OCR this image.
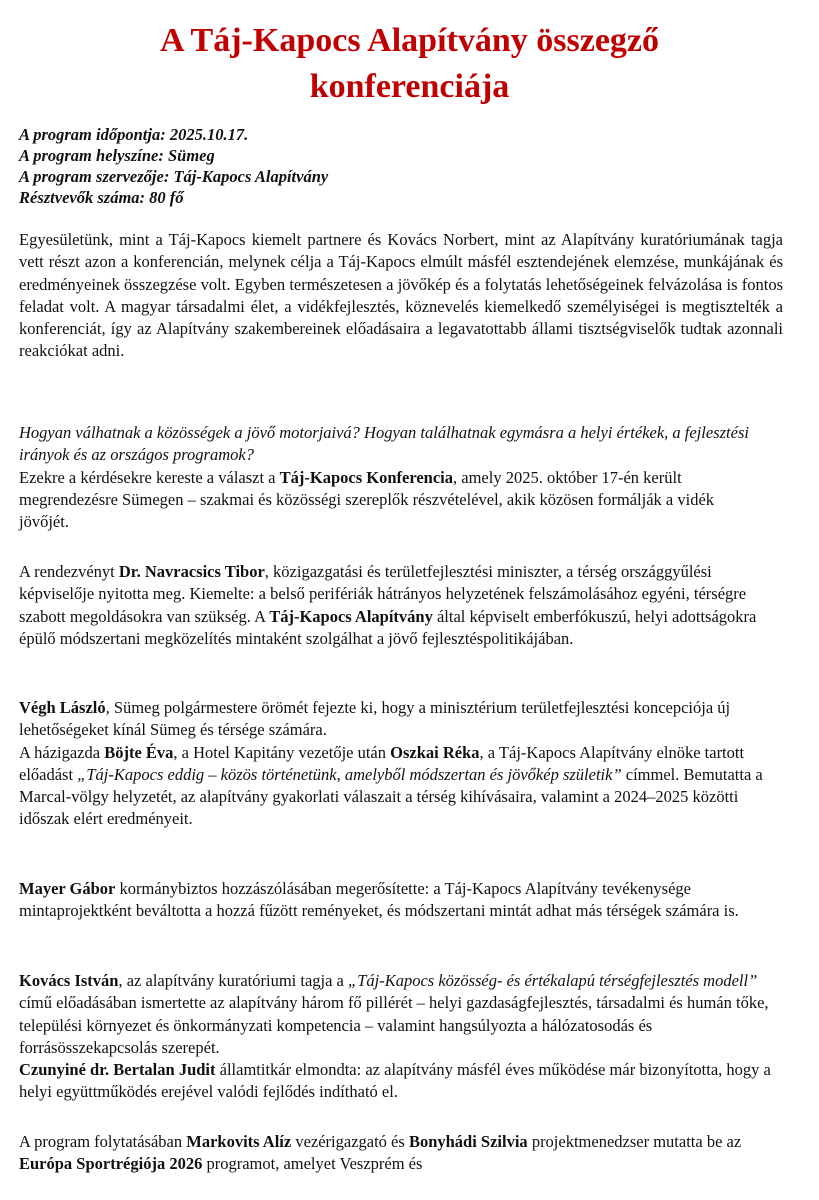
A Táj-Kapocs Alapítvány összegző
konferenciája
A program időpontja: 2025.10.17.
A program helyszíne: Sümeg
A program szervezője: Táj-Kapocs Alapítvány
Résztvevők száma: 80 fő
Egyesületünk, mint a Táj-Kapocs kiemelt partnere és Kovács Norbert, mint az Alapítvány kuratóriumának tagja vett részt azon a konferencián, melynek célja a Táj-Kapocs elmúlt másfél esztendejének elemzése, munkájának és eredményeinek összegzése volt. Egyben természetesen a jövőkép és a folytatás lehetőségeinek felvázolása is fontos feladat volt. A magyar társadalmi élet, a vidékfejlesztés, köznevelés kiemelkedő személyiségei is megtisztelték a konferenciát, így az Alapítvány szakembereinek előadásaira a legavatottabb állami tisztségviselők tudtak azonnali reakciókat adni.
Hogyan válhatnak a közösségek a jövő motorjaivá? Hogyan találhatnak egymásra a helyi értékek, a fejlesztési irányok és az országos programok?
Ezekre a kérdésekre kereste a választ a Táj-Kapocs Konferencia, amely 2025. október 17-én került megrendezésre Sümegen – szakmai és közösségi szereplők részvételével, akik közösen formálják a vidék jövőjét.
A rendezvényt Dr. Navracsics Tibor, közigazgatási és területfejlesztési miniszter, a térség országgyűlési képviselője nyitotta meg. Kiemelte: a belső perifériák hátrányos helyzetének felszámolásához egyéni, térségre szabott megoldásokra van szükség. A Táj-Kapocs Alapítvány által képviselt emberfókuszú, helyi adottságokra épülő módszertani megközelítés mintaként szolgálhat a jövő fejlesztéspolitikájában.
Végh László, Sümeg polgármestere örömét fejezte ki, hogy a minisztérium területfejlesztési koncepciója új lehetőségeket kínál Sümeg és térsége számára.
A házigazda Böjte Éva, a Hotel Kapitány vezetője után Oszkai Réka, a Táj-Kapocs Alapítvány elnöke tartott előadást „Táj-Kapocs eddig – közös történetünk, amelyből módszertan és jövőkép születik” címmel. Bemutatta a Marcal-völgy helyzetét, az alapítvány gyakorlati válaszait a térség kihívásaira, valamint a 2024–2025 közötti időszak elért eredményeit.
Mayer Gábor kormánybiztos hozzászólásában megerősítette: a Táj-Kapocs Alapítvány tevékenysége mintaprojektként beváltotta a hozzá fűzött reményeket, és módszertani mintát adhat más térségek számára is.
Kovács István, az alapítvány kuratóriumi tagja a „Táj-Kapocs közösség- és értékalapú térségfejlesztés modell” című előadásában ismertette az alapítvány három fő pillérét – helyi gazdaságfejlesztés, társadalmi és humán tőke, települési környezet és önkormányzati kompetencia – valamint hangsúlyozta a hálózatosodás és forrásösszekapcsolás szerepét.
Czunyiné dr. Bertalan Judit államtitkár elmondta: az alapítvány másfél éves működése már bizonyította, hogy a helyi együttműködés erejével valódi fejlődés indítható el.
A program folytatásában Markovits Alíz vezérigazgató és Bonyhádi Szilvia projektmenedzser mutatta be az Európa Sportrégiója 2026 programot, amelyet Veszprém és
